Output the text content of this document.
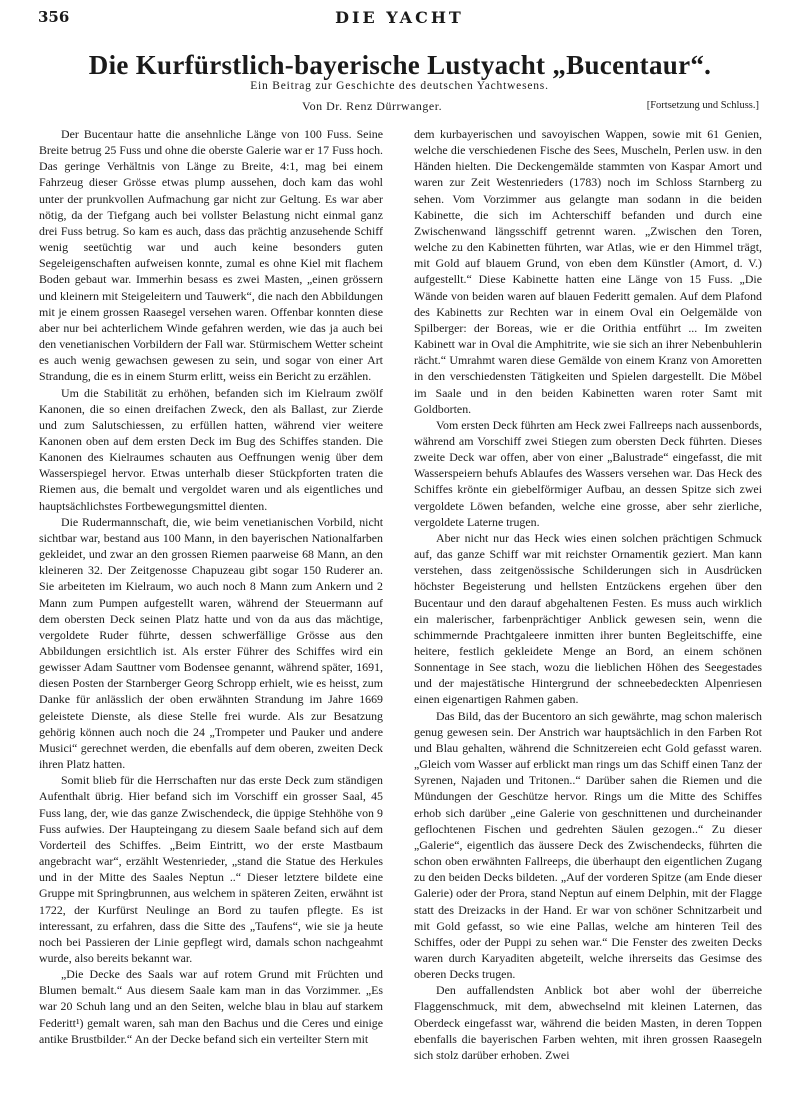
356	DIE YACHT
Die Kurfürstlich-bayerische Lustyacht „Bucentaur“.
Ein Beitrag zur Geschichte des deutschen Yachtwesens.
Von Dr. Renz Dürrwanger.	[Fortsetzung und Schluss.]

Der Bucentaur hatte die ansehnliche Länge von 100 Fuss. Seine Breite betrug 25 Fuss und ohne die oberste Galerie war er 17 Fuss hoch. Das geringe Verhältnis von Länge zu Breite, 4:1, mag bei einem Fahrzeug dieser Grösse etwas plump aussehen, doch kam das wohl unter der prunkvollen Aufmachung gar nicht zur Geltung. Es war aber nötig, da der Tiefgang auch bei vollster Belastung nicht einmal ganz drei Fuss betrug. So kam es auch, dass das prächtig anzusehende Schiff wenig seetüchtig war und auch keine besonders guten Segeleigenschaften aufweisen konnte, zumal es ohne Kiel mit flachem Boden gebaut war. Immerhin besass es zwei Masten, „einen grössern und kleinern mit Steigeleitern und Tauwerk“, die nach den Abbildungen mit je einem grossen Raasegel versehen waren. Offenbar konnten diese aber nur bei achterlichem Winde gefahren werden, wie das ja auch bei den venetianischen Vorbildern der Fall war. Stürmischem Wetter scheint es auch wenig gewachsen gewesen zu sein, und sogar von einer Art Strandung, die es in einem Sturm erlitt, weiss ein Bericht zu erzählen.

Um die Stabilität zu erhöhen, befanden sich im Kielraum zwölf Kanonen, die so einen dreifachen Zweck, den als Ballast, zur Zierde und zum Salutschiessen, zu erfüllen hatten, während vier weitere Kanonen oben auf dem ersten Deck im Bug des Schiffes standen. Die Kanonen des Kielraumes schauten aus Oeffnungen wenig über dem Wasserspiegel hervor. Etwas unterhalb dieser Stückpforten traten die Riemen aus, die bemalt und vergoldet waren und als eigentliches und hauptsächlichstes Fortbewegungsmittel dienten.

Die Rudermannschaft, die, wie beim venetianischen Vorbild, nicht sichtbar war, bestand aus 100 Mann, in den bayerischen Nationalfarben gekleidet, und zwar an den grossen Riemen paarweise 68 Mann, an den kleineren 32. Der Zeitgenosse Chapuzeau gibt sogar 150 Ruderer an. Sie arbeiteten im Kielraum, wo auch noch 8 Mann zum Ankern und 2 Mann zum Pumpen aufgestellt waren, während der Steuermann auf dem obersten Deck seinen Platz hatte und von da aus das mächtige, vergoldete Ruder führte, dessen schwerfällige Grösse aus den Abbildungen ersichtlich ist. Als erster Führer des Schiffes wird ein gewisser Adam Sauttner vom Bodensee genannt, während später, 1691, diesen Posten der Starnberger Georg Schropp erhielt, wie es heisst, zum Danke für anlässlich der oben erwähnten Strandung im Jahre 1669 geleistete Dienste, als diese Stelle frei wurde. Als zur Besatzung gehörig können auch noch die 24 „Trompeter und Pauker und andere Musici“ gerechnet werden, die ebenfalls auf dem oberen, zweiten Deck ihren Platz hatten.

Somit blieb für die Herrschaften nur das erste Deck zum ständigen Aufenthalt übrig. Hier befand sich im Vorschiff ein grosser Saal, 45 Fuss lang, der, wie das ganze Zwischendeck, die üppige Stehhöhe von 9 Fuss aufwies. Der Haupteingang zu diesem Saale befand sich auf dem Vorderteil des Schiffes. „Beim Eintritt, wo der erste Mastbaum angebracht war“, erzählt Westenrieder, „stand die Statue des Herkules und in der Mitte des Saales Neptun ..“ Dieser letztere bildete eine Gruppe mit Springbrunnen, aus welchem in späteren Zeiten, erwähnt ist 1722, der Kurfürst Neulinge an Bord zu taufen pflegte. Es ist interessant, zu erfahren, dass die Sitte des „Taufens“, wie sie ja heute noch bei Passieren der Linie gepflegt wird, damals schon nachgeahmt wurde, also bereits bekannt war.

„Die Decke des Saals war auf rotem Grund mit Früchten und Blumen bemalt.“ Aus diesem Saale kam man in das Vorzimmer. „Es war 20 Schuh lang und an den Seiten, welche blau in blau auf starkem Federitt¹) gemalt waren, sah man den Bachus und die Ceres und einige antike Brustbilder.“ An der Decke befand sich ein verteilter Stern mit

dem kurbayerischen und savoyischen Wappen, sowie mit 61 Genien, welche die verschiedenen Fische des Sees, Muscheln, Perlen usw. in den Händen hielten. Die Deckengemälde stammten von Kaspar Amort und waren zur Zeit Westenrieders (1783) noch im Schloss Starnberg zu sehen. Vom Vorzimmer aus gelangte man sodann in die beiden Kabinette, die sich im Achterschiff befanden und durch eine Zwischenwand längsschiff getrennt waren. „Zwischen den Toren, welche zu den Kabinetten führten, war Atlas, wie er den Himmel trägt, mit Gold auf blauem Grund, von eben dem Künstler (Amort, d. V.) aufgestellt.“ Diese Kabinette hatten eine Länge von 15 Fuss. „Die Wände von beiden waren auf blauen Federitt gemalen. Auf dem Plafond des Kabinetts zur Rechten war in einem Oval ein Oelgemälde von Spilberger: der Boreas, wie er die Orithia entführt ... Im zweiten Kabinett war in Oval die Amphitrite, wie sie sich an ihrer Nebenbuhlerin rächt.“ Umrahmt waren diese Gemälde von einem Kranz von Amoretten in den verschiedensten Tätigkeiten und Spielen dargestellt. Die Möbel im Saale und in den beiden Kabinetten waren roter Samt mit Goldborten.

Vom ersten Deck führten am Heck zwei Fallreeps nach aussenbords, während am Vorschiff zwei Stiegen zum obersten Deck führten. Dieses zweite Deck war offen, aber von einer „Balustrade“ eingefasst, die mit Wasserspeiern behufs Ablaufes des Wassers versehen war. Das Heck des Schiffes krönte ein giebelförmiger Aufbau, an dessen Spitze sich zwei vergoldete Löwen befanden, welche eine grosse, aber sehr zierliche, vergoldete Laterne trugen.

Aber nicht nur das Heck wies einen solchen prächtigen Schmuck auf, das ganze Schiff war mit reichster Ornamentik geziert. Man kann verstehen, dass zeitgenössische Schilderungen sich in Ausdrücken höchster Begeisterung und hellsten Entzückens ergehen über den Bucentaur und den darauf abgehaltenen Festen. Es muss auch wirklich ein malerischer, farbenprächtiger Anblick gewesen sein, wenn die schimmernde Prachtgaleere inmitten ihrer bunten Begleitschiffe, eine heitere, festlich gekleidete Menge an Bord, an einem schönen Sonnentage in See stach, wozu die lieblichen Höhen des Seegestades und der majestätische Hintergrund der schneebedeckten Alpenriesen einen eigenartigen Rahmen gaben.

Das Bild, das der Bucentoro an sich gewährte, mag schon malerisch genug gewesen sein. Der Anstrich war hauptsächlich in den Farben Rot und Blau gehalten, während die Schnitzereien echt Gold gefasst waren. „Gleich vom Wasser auf erblickt man rings um das Schiff einen Tanz der Syrenen, Najaden und Tritonen..“ Darüber sahen die Riemen und die Mündungen der Geschütze hervor. Rings um die Mitte des Schiffes erhob sich darüber „eine Galerie von geschnittenen und durcheinander geflochtenen Fischen und gedrehten Säulen gezogen..“ Zu dieser „Galerie“, eigentlich das äussere Deck des Zwischendecks, führten die schon oben erwähnten Fallreeps, die überhaupt den eigentlichen Zugang zu den beiden Decks bildeten. „Auf der vorderen Spitze (am Ende dieser Galerie) oder der Prora, stand Neptun auf einem Delphin, mit der Flagge statt des Dreizacks in der Hand. Er war von schöner Schnitzarbeit und mit Gold gefasst, so wie eine Pallas, welche am hinteren Teil des Schiffes, oder der Puppi zu sehen war.“ Die Fenster des zweiten Decks waren durch Karyaditen abgeteilt, welche ihrerseits das Gesimse des oberen Decks trugen.

Den auffallendsten Anblick bot aber wohl der überreiche Flaggenschmuck, mit dem, abwechselnd mit kleinen Laternen, das Oberdeck eingefasst war, während die beiden Masten, in deren Toppen ebenfalls die bayerischen Farben wehten, mit ihren grossen Raasegeln sich stolz darüber erhoben. Zwei
